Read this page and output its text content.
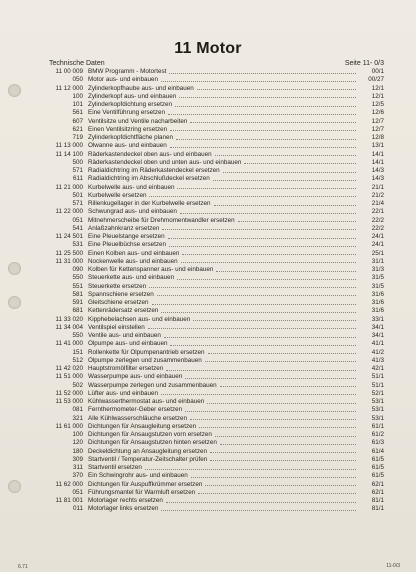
11 Motor
Technische Daten	Seite 11- 0/3
11 00 009 BMW Programm - Motortest	00/1
050 Motor aus- und einbauen	00/27
11 12 000 Zylinderkopfhaube aus- und einbauen	12/1
100 Zylinderkopf aus- und einbauen	12/1
101 Zylinderkopfdichtung ersetzen	12/5
561 Eine Ventilführung ersetzen	12/6
607 Ventilsitze und Ventile nacharbeiten	12/7
621 Einen Ventilsitzring ersetzen	12/7
719 Zylinderkopfdichtfläche planen	12/8
11 13 000 Ölwanne aus- und einbauen	13/1
11 14 100 Räderkastendeckel oben aus- und einbauen	14/1
500 Räderkastendeckel oben und unten aus- und einbauen	14/1
571 Radialdichtring im Räderkastendeckel ersetzen	14/3
611 Radialdichtring im Abschlußdeckel ersetzen	14/3
11 21 000 Kurbelwelle aus- und einbauen	21/1
501 Kurbelwelle ersetzen	21/2
571 Rillenkugellager in der Kurbelwelle ersetzen	21/4
11 22 000 Schwungrad aus- und einbauen	22/1
051 Mitnehmerscheibe für Drehmomentwandler ersetzen	22/2
541 Anlaßzahnkranz ersetzen	22/2
11 24 501 Eine Pleuelstange ersetzen	24/1
531 Eine Pleuelbüchse ersetzen	24/1
11 25 500 Einen Kolben aus- und einbauen	25/1
11 31 000 Nockenwelle aus- und einbauen	31/1
090 Kolben für Kettenspanner aus- und einbauen	31/3
550 Steuerkette aus- und einbauen	31/5
551 Steuerkette ersetzen	31/5
581 Spannschiene ersetzen	31/6
591 Gleitschiene ersetzen	31/6
681 Kettenrädersatz ersetzen	31/6
11 33 020 Kipphebelachsen aus- und einbauen	33/1
11 34 004 Ventilspiel einstellen	34/1
550 Ventile aus- und einbauen	34/1
11 41 000 Ölpumpe aus- und einbauen	41/1
151 Rollenkette für Ölpumpenantrieb ersetzen	41/2
512 Ölpumpe zerlegen und zusammenbauen	41/3
11 42 020 Hauptstromölfilter ersetzen	42/1
11 51 000 Wasserpumpe aus- und einbauen	51/1
502 Wasserpumpe zerlegen und zusammenbauen	51/1
11 52 000 Lüfter aus- und einbauen	52/1
11 53 000 Kühlwasserthermostat aus- und einbauen	53/1
081 Fernthermometer-Geber ersetzen	53/1
321 Alle Kühlwasserschläuche ersetzen	53/1
11 61 000 Dichtungen für Ansaugleitung ersetzen	61/1
100 Dichtungen für Ansaugstutzen vorn ersetzen	61/2
120 Dichtungen für Ansaugstutzen hinten ersetzen	61/3
180 Deckeldichtung an Ansaugleitung ersetzen	61/4
309 Startventil / Temperatur-Zeitschalter prüfen	61/5
311 Startventil ersetzen	61/5
370 Ein Schwingrohr aus- und einbauen	61/5
11 62 000 Dichtungen für Auspuffkrümmer ersetzen	62/1
051 Führungsmantel für Warmluft ersetzen	62/1
11 81 001 Motorlager rechts ersetzen	81/1
011 Motorlager links ersetzen	81/1
6.71	11-0/3
